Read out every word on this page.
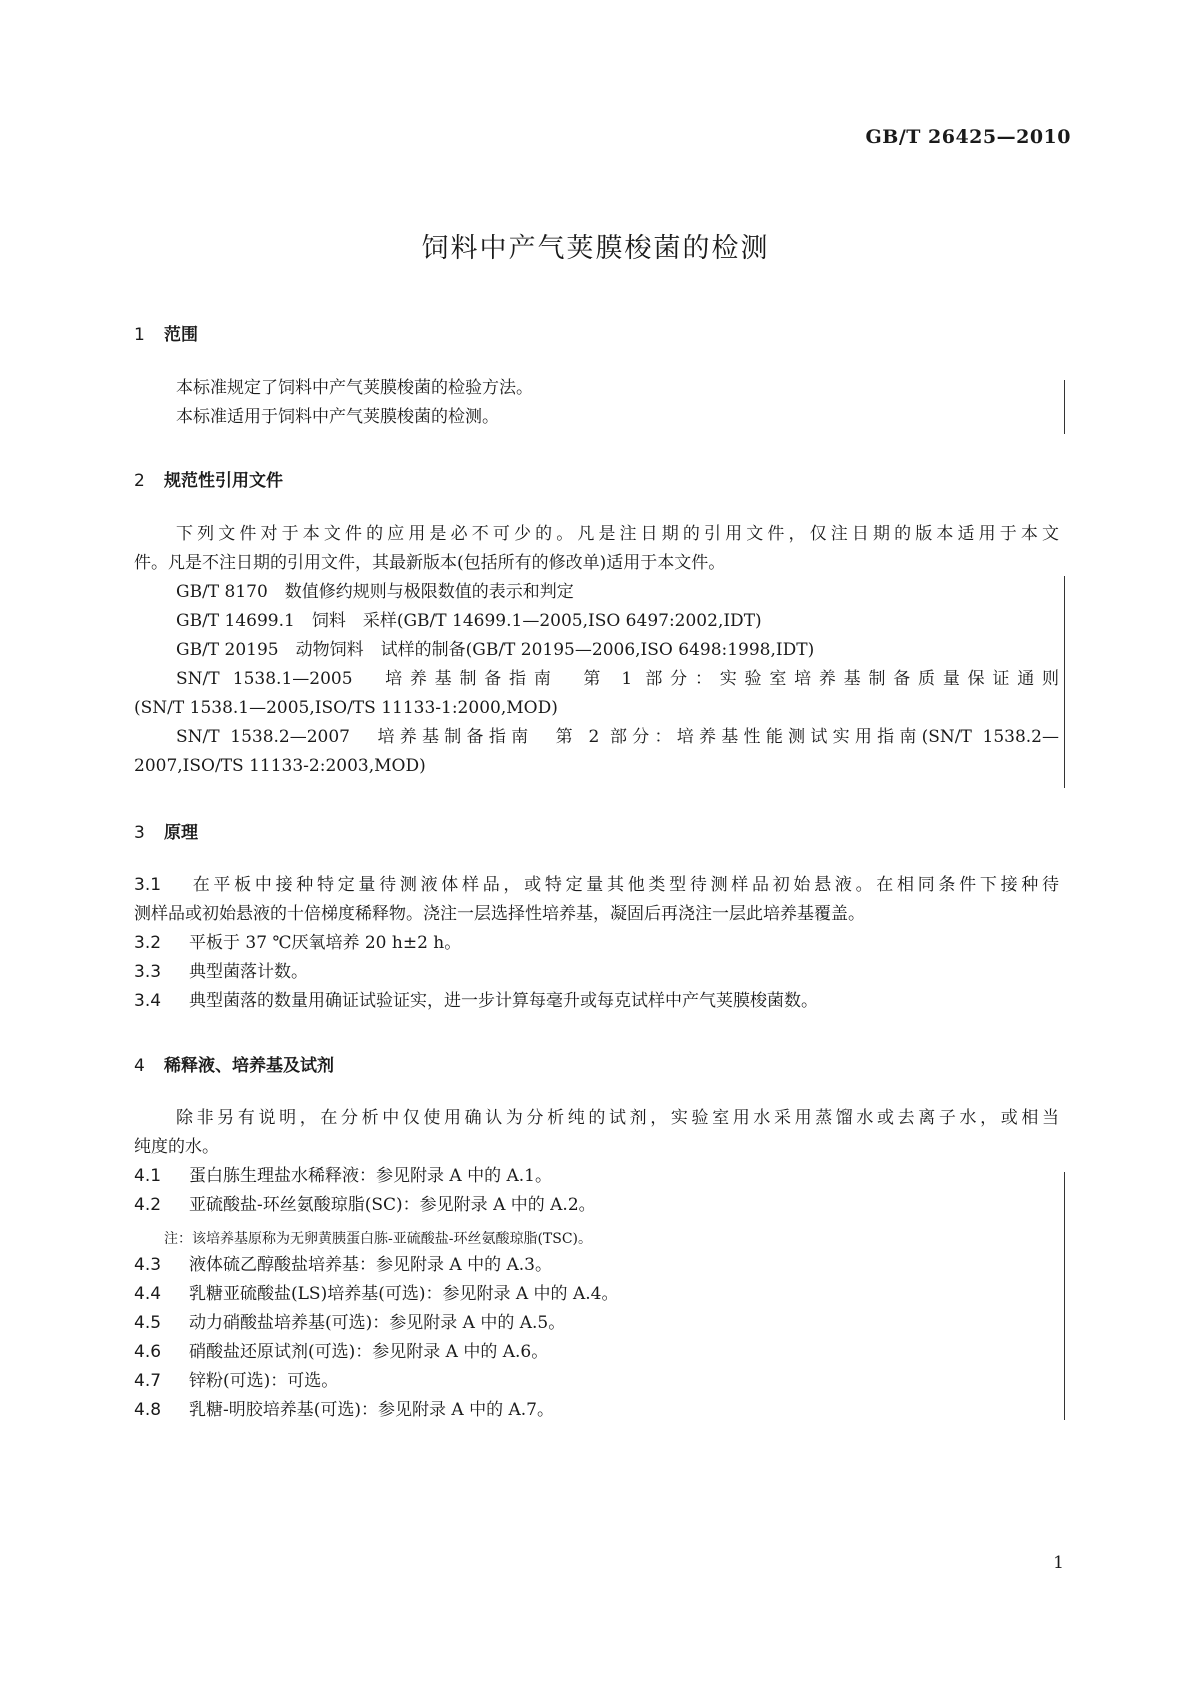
GB/T 26425—2010
饲料中产气荚膜梭菌的检测
1 范围
本标准规定了饲料中产气荚膜梭菌的检验方法。
本标准适用于饲料中产气荚膜梭菌的检测。
2 规范性引用文件
下列文件对于本文件的应用是必不可少的。凡是注日期的引用文件，仅注日期的版本适用于本文
件。凡是不注日期的引用文件，其最新版本(包括所有的修改单)适用于本文件。
GB/T 8170　数值修约规则与极限数值的表示和判定
GB/T 14699.1　饲料　采样(GB/T 14699.1—2005,ISO 6497:2002,IDT)
GB/T 20195　动物饲料　试样的制备(GB/T 20195—2006,ISO 6498:1998,IDT)
SN/T 1538.1—2005　培养基制备指南　第 1 部分：实验室培养基制备质量保证通则
(SN/T 1538.1—2005,ISO/TS 11133-1:2000,MOD)
SN/T 1538.2—2007　培养基制备指南　第 2 部分：培养基性能测试实用指南(SN/T 1538.2—
2007,ISO/TS 11133-2:2003,MOD)
3 原理
3.1 在平板中接种特定量待测液体样品，或特定量其他类型待测样品初始悬液。在相同条件下接种待
测样品或初始悬液的十倍梯度稀释物。浇注一层选择性培养基，凝固后再浇注一层此培养基覆盖。
3.2 平板于 37 ℃厌氧培养 20 h±2 h。
3.3 典型菌落计数。
3.4 典型菌落的数量用确证试验证实，进一步计算每毫升或每克试样中产气荚膜梭菌数。
4 稀释液、培养基及试剂
除非另有说明，在分析中仅使用确认为分析纯的试剂，实验室用水采用蒸馏水或去离子水，或相当
纯度的水。
4.1 蛋白胨生理盐水稀释液：参见附录 A 中的 A.1。
4.2 亚硫酸盐-环丝氨酸琼脂(SC)：参见附录 A 中的 A.2。
注：该培养基原称为无卵黄胰蛋白胨-亚硫酸盐-环丝氨酸琼脂(TSC)。
4.3 液体硫乙醇酸盐培养基：参见附录 A 中的 A.3。
4.4 乳糖亚硫酸盐(LS)培养基(可选)：参见附录 A 中的 A.4。
4.5 动力硝酸盐培养基(可选)：参见附录 A 中的 A.5。
4.6 硝酸盐还原试剂(可选)：参见附录 A 中的 A.6。
4.7 锌粉(可选)：可选。
4.8 乳糖-明胶培养基(可选)：参见附录 A 中的 A.7。
1
